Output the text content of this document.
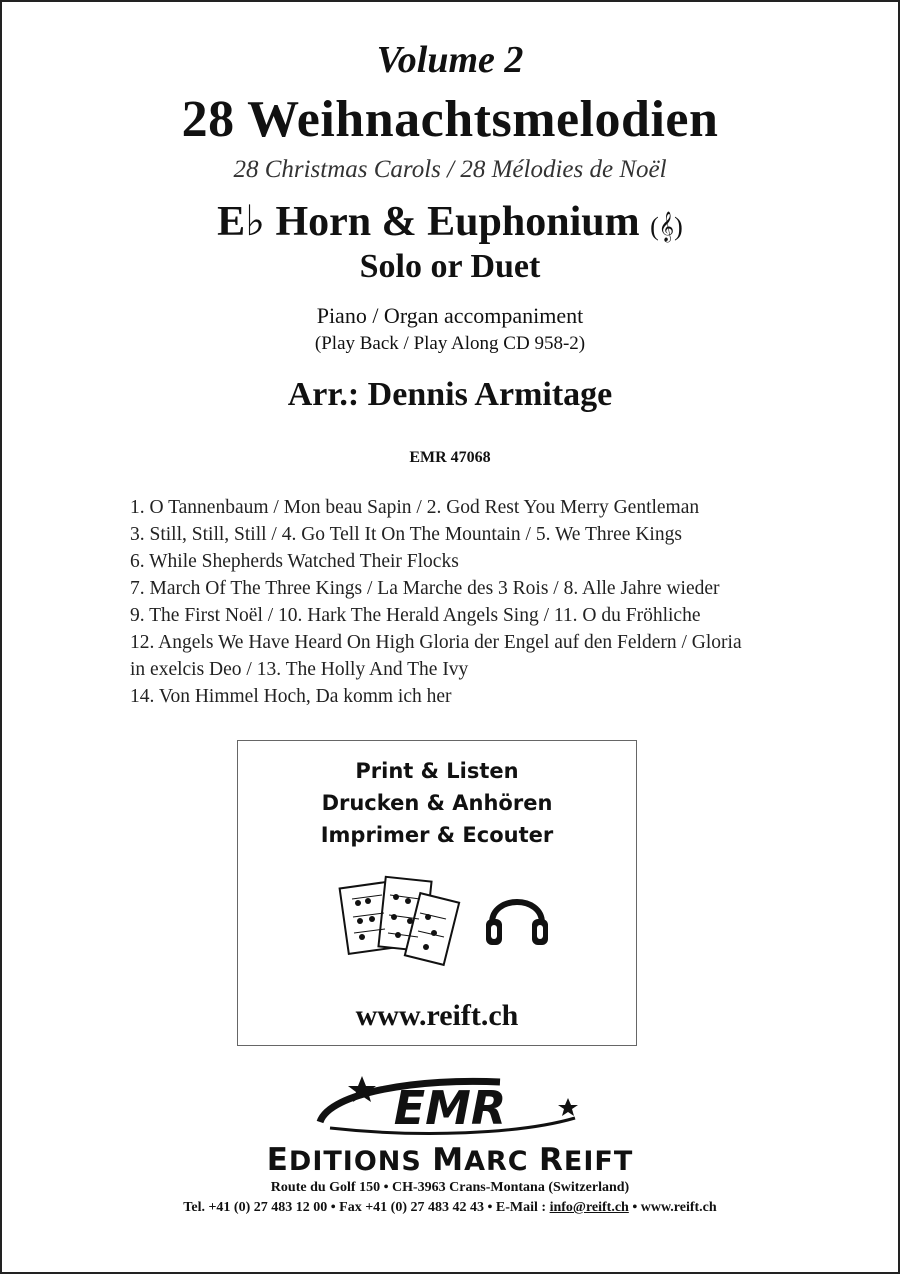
Volume 2
28 Weihnachtsmelodien
28 Christmas Carols / 28 Mélodies de Noël
E♭ Horn & Euphonium (𝄞)
Solo or Duet
Piano / Organ accompaniment
(Play Back / Play Along CD 958-2)
Arr.: Dennis Armitage
EMR 47068
1. O Tannenbaum / Mon beau Sapin / 2. God Rest You Merry Gentleman
3. Still, Still, Still / 4. Go Tell It On The Mountain / 5. We Three Kings
6. While Shepherds Watched Their Flocks
7. March Of The Three Kings / La Marche des 3 Rois / 8. Alle Jahre wieder
9. The First Noël / 10. Hark The Herald Angels Sing / 11. O du Fröhliche
12. Angels We Have Heard On High Gloria der Engel auf den Feldern / Gloria
in exelcis Deo / 13. The Holly And The Ivy
14. Von Himmel Hoch, Da komm ich her
Print & Listen
Drucken & Anhören
Imprimer & Ecouter
www.reift.ch
EMR
EDITIONS MARC REIFT
Route du Golf 150 • CH-3963 Crans-Montana (Switzerland)
Tel. +41 (0) 27 483 12 00 • Fax +41 (0) 27 483 42 43 • E-Mail : info@reift.ch • www.reift.ch
